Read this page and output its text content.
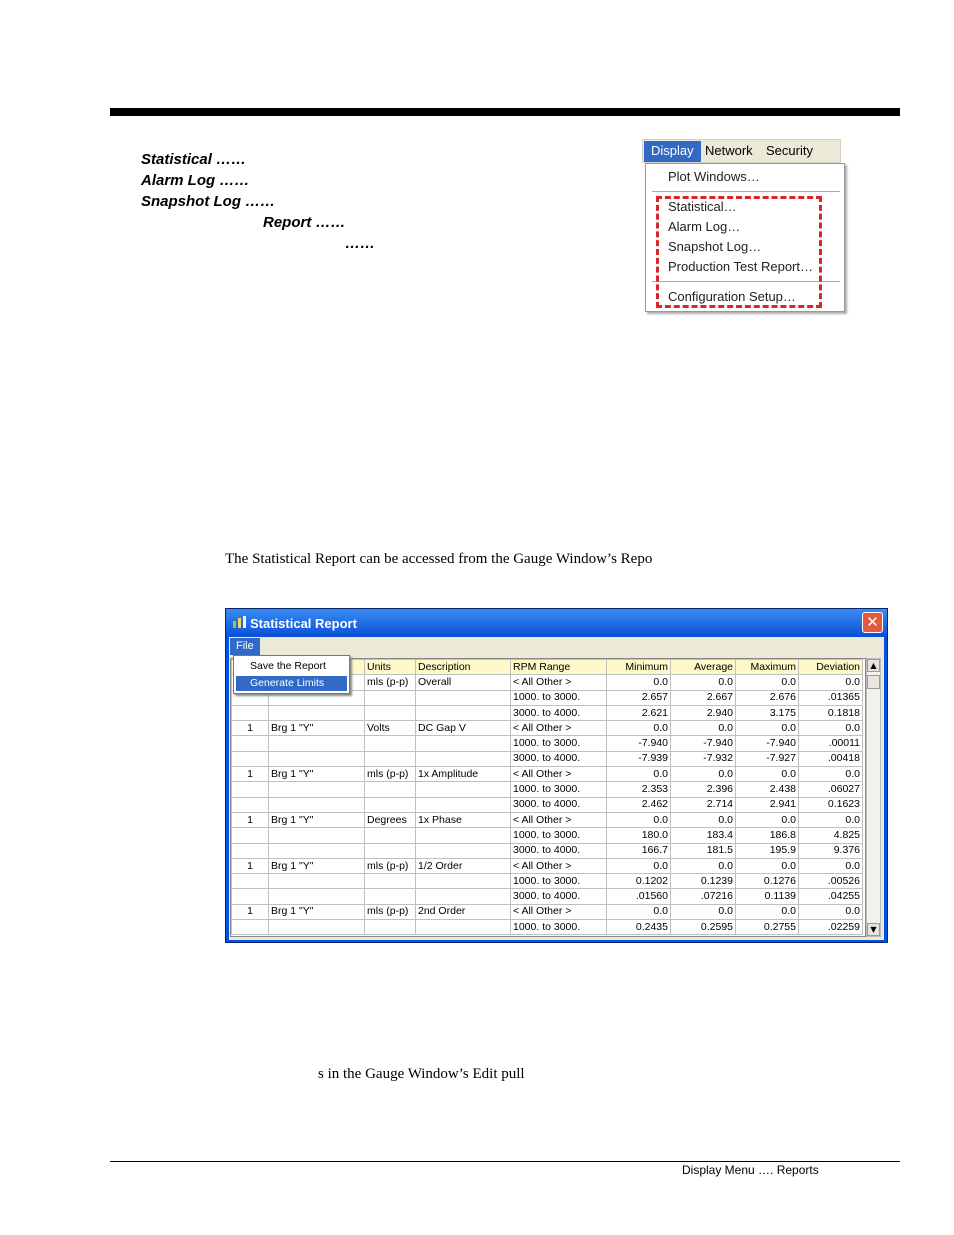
Statistical ……
Alarm Log ……
Snapshot Log ……
Report ……
……
Display Network Security
Plot Windows…
Statistical…
Alarm Log…
Snapshot Log…
Production Test Report…
Configuration Setup…
The Statistical Report can be accessed from the Gauge Window’s Repo
Statistical Report	✕
File
		Units	Description	RPM Range	Minimum	Average	Maximum	Deviation
		mls (p-p)	Overall	< All Other >	0.0	0.0	0.0	0.0
				1000. to 3000.	2.657	2.667	2.676	.01365
				3000. to 4000.	2.621	2.940	3.175	0.1818
1	Brg 1 "Y"	Volts	DC Gap V	< All Other >	0.0	0.0	0.0	0.0
				1000. to 3000.	-7.940	-7.940	-7.940	.00011
				3000. to 4000.	-7.939	-7.932	-7.927	.00418
1	Brg 1 "Y"	mls (p-p)	1x Amplitude	< All Other >	0.0	0.0	0.0	0.0
				1000. to 3000.	2.353	2.396	2.438	.06027
				3000. to 4000.	2.462	2.714	2.941	0.1623
1	Brg 1 "Y"	Degrees	1x Phase	< All Other >	0.0	0.0	0.0	0.0
				1000. to 3000.	180.0	183.4	186.8	4.825
				3000. to 4000.	166.7	181.5	195.9	9.376
1	Brg 1 "Y"	mls (p-p)	1/2 Order	< All Other >	0.0	0.0	0.0	0.0
				1000. to 3000.	0.1202	0.1239	0.1276	.00526
				3000. to 4000.	.01560	.07216	0.1139	.04255
1	Brg 1 "Y"	mls (p-p)	2nd Order	< All Other >	0.0	0.0	0.0	0.0
				1000. to 3000.	0.2435	0.2595	0.2755	.02259
▲
▼
Save the Report
Generate Limits
s in the Gauge Window’s Edit pull
Display Menu …. Reports
